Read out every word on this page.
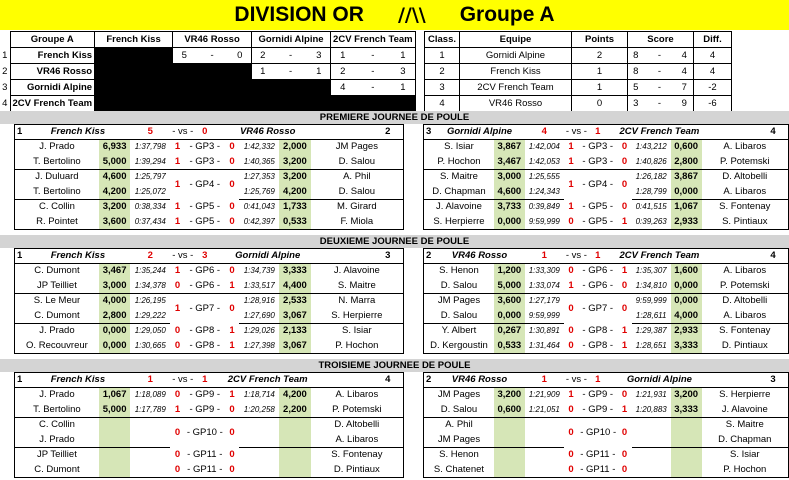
DIVISION OR //\\ Groupe A
	Groupe A	French Kiss	VR46 Rosso			Gornidi Alpine			2CV French Team		
1	French Kiss		5	-	0	2	-	3	1	-	1
2	VR46 Rosso					1	-	1	2	-	3
3	Gornidi Alpine								4	-	1
4	2CV French Team										
Class.	Equipe	Points	Score			Diff.
1	Gornidi Alpine	2	8	-	4	4
2	French Kiss	1	8	-	4	4
3	2CV French Team	1	5	-	7	-2
4	VR46 Rosso	0	3	-	9	-6
PREMIERE JOURNEE DE POULE
1	French Kiss		5	- vs -	0	VR46 Rosso			2	
J. Prado		6,933	1:37,798	1	- GP3 -	0	1:42,332	2,000	JM Pages	
T. Bertolino		5,000	1:39,294	1	- GP3 -	0	1:40,365	3,200	D. Salou	
J. Duluard		4,600	1:25,797	1	- GP4 -	0	1:27,353	3,200	A. Phil	
T. Bertolino		4,200	1:25,072				1:25,769	4,200	D. Salou	
C. Collin		3,200	0:38,334	1	- GP5 -	0	0:41,043	1,733	M. Girard	
R. Pointet		3,600	0:37,434	1	- GP5 -	0	0:42,397	0,533	F. Miola	
3	Gornidi Alpine		4	- vs -	1	2CV French Team			4	
S. Isiar		3,867	1:42,004	1	- GP3 -	0	1:43,212	0,600	A. Libaros	
P. Hochon		3,467	1:42,053	1	- GP3 -	0	1:40,826	2,800	P. Potemski	
S. Maitre		3,000	1:25,555	1	- GP4 -	0	1:26,182	3,867	D. Altobelli	
D. Chapman		4,600	1:24,343				1:28,799	0,000	A. Libaros	
J. Alavoine		3,733	0:39,849	1	- GP5 -	0	0:41,515	1,067	S. Fontenay	
S. Herpierre		0,000	9:59,999	0	- GP5 -	1	0:39,263	2,933	S. Pintiaux	
DEUXIEME JOURNEE DE POULE
1	French Kiss		2	- vs -	3	Gornidi Alpine			3	
C. Dumont		3,467	1:35,244	1	- GP6 -	0	1:34,739	3,333	J. Alavoine	
JP Teilliet		3,000	1:34,378	0	- GP6 -	1	1:33,517	4,400	S. Maitre	
S. Le Meur		4,000	1:26,195	1	- GP7 -	0	1:28,916	2,533	N. Marra	
C. Dumont		2,800	1:29,222				1:27,690	3,067	S. Herpierre	
J. Prado		0,000	1:29,050	0	- GP8 -	1	1:29,026	2,133	S. Isiar	
O. Recouvreur		0,000	1:30,665	0	- GP8 -	1	1:27,398	3,067	P. Hochon	
2	VR46 Rosso		1	- vs -	1	2CV French Team			4	
S. Henon		1,200	1:33,309	0	- GP6 -	1	1:35,307	1,600	A. Libaros	
D. Salou		5,000	1:33,074	1	- GP6 -	0	1:34,810	0,000	P. Potemski	
JM Pages		3,600	1:27,179	0	- GP7 -	0	9:59,999	0,000	D. Altobelli	
D. Salou		0,000	9:59,999				1:28,611	4,000	A. Libaros	
Y. Albert		0,267	1:30,891	0	- GP8 -	1	1:29,387	2,933	S. Fontenay	
D. Kergoustin		0,533	1:31,464	0	- GP8 -	1	1:28,651	3,333	D. Pintiaux	
TROISIEME JOURNEE DE POULE
1	French Kiss		1	- vs -	1	2CV French Team			4	
J. Prado		1,067	1:18,089	0	- GP9 -	1	1:18,714	4,200	A. Libaros	
T. Bertolino		5,000	1:17,789	1	- GP9 -	0	1:20,258	2,200	P. Potemski	
C. Collin				0	- GP10 -	0			D. Altobelli	
J. Prado									A. Libaros	
JP Teilliet				0	- GP11 -	0			S. Fontenay	
C. Dumont				0	- GP11 -	0			D. Pintiaux	
2	VR46 Rosso		1	- vs -	1	Gornidi Alpine			3	
JM Pages		3,200	1:21,909	1	- GP9 -	0	1:21,931	3,200	S. Herpierre	
D. Salou		0,600	1:21,051	0	- GP9 -	1	1:20,883	3,333	J. Alavoine	
A. Phil				0	- GP10 -	0			S. Maitre	
JM Pages									D. Chapman	
S. Henon				0	- GP11 -	0			S. Isiar	
S. Chatenet				0	- GP11 -	0			P. Hochon	
